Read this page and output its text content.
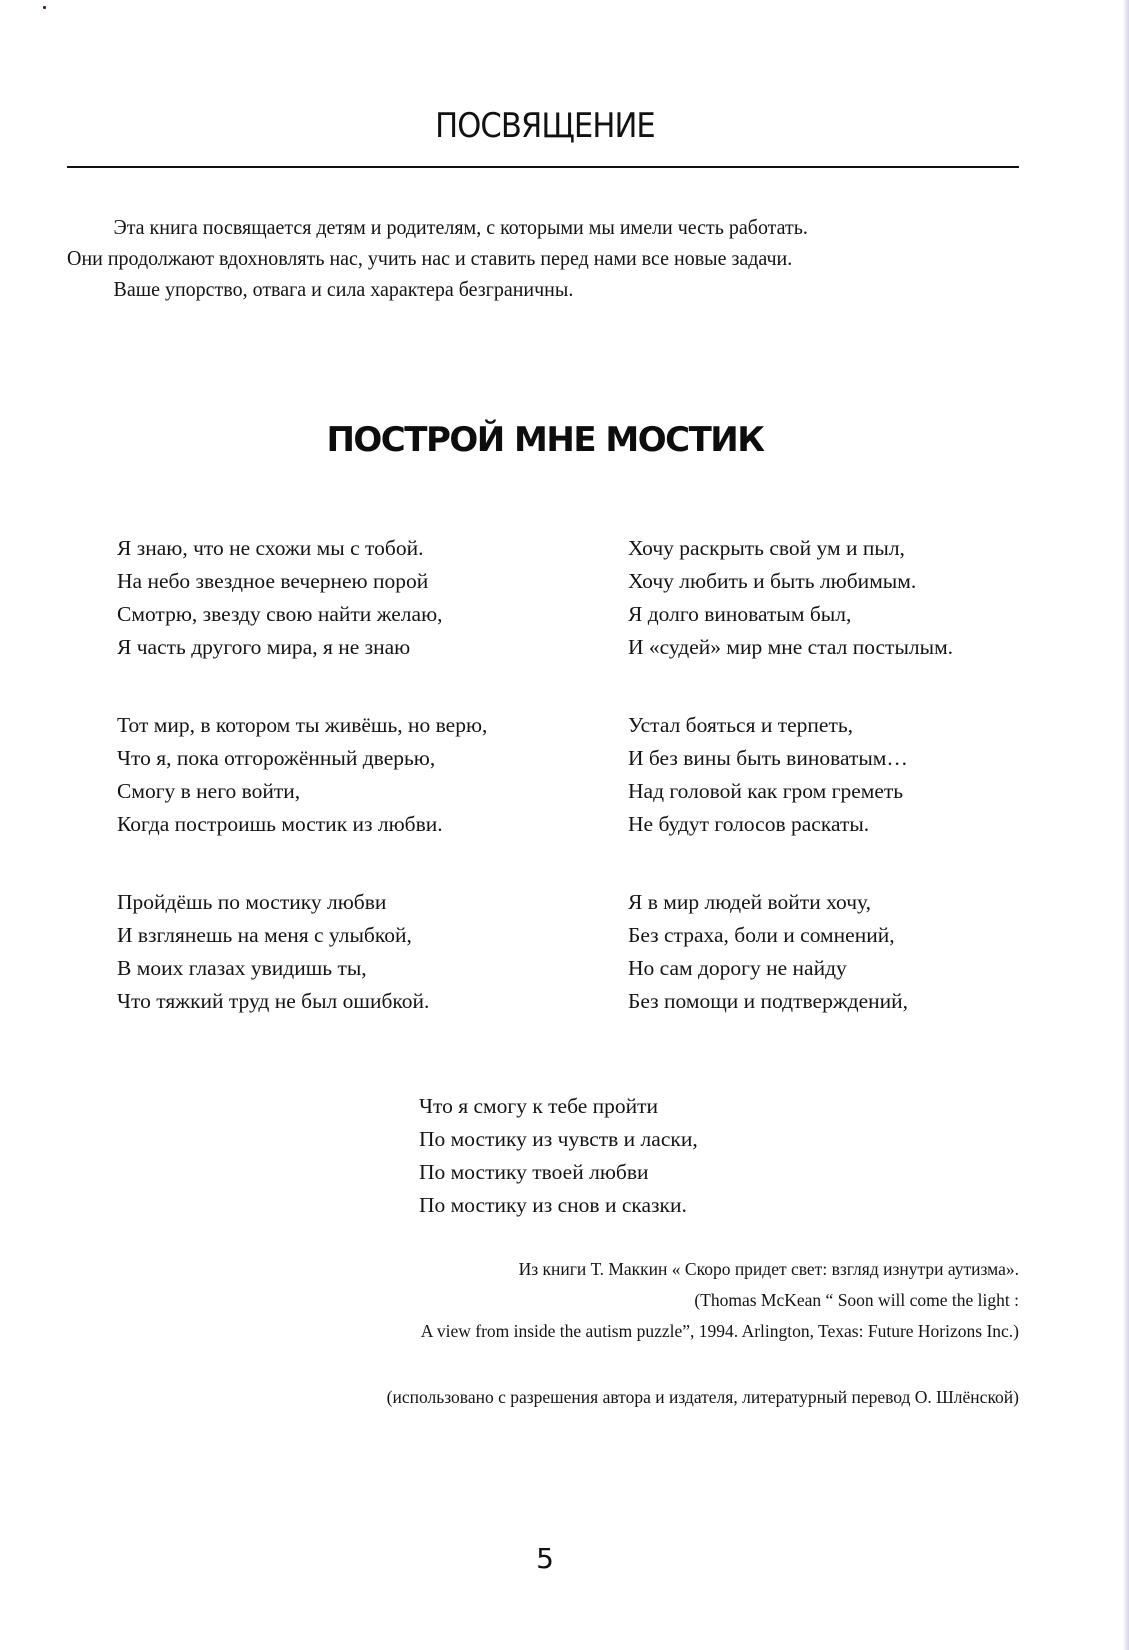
ПОСВЯЩЕНИЕ

Эта книга посвящается детям и родителям, с которыми мы имели честь работать.

Они продолжают вдохновлять нас, учить нас и ставить перед нами все новые задачи.

Ваше упорство, отвага и сила характера безграничны.

ПОСТРОЙ МНЕ МОСТИК
Я знаю, что не схожи мы с тобой.
На небо звездное вечернею порой
Смотрю, звезду свою найти желаю,
Я часть другого мира, я не знаю
Тот мир, в котором ты живёшь, но верю,
Что я, пока отгорожённый дверью,
Смогу в него войти,
Когда построишь мостик из любви.
Пройдёшь по мостику любви
И взглянешь на меня с улыбкой,
В моих глазах увидишь ты,
Что тяжкий труд не был ошибкой.
Хочу раскрыть свой ум и пыл,
Хочу любить и быть любимым.
Я долго виноватым был,
И «судей» мир мне стал постылым.
Устал бояться и терпеть,
И без вины быть виноватым…
Над головой как гром греметь
Не будут голосов раскаты.
Я в мир людей войти хочу,
Без страха, боли и сомнений,
Но сам дорогу не найду
Без помощи и подтверждений,
Что я смогу к тебе пройти
По мостику из чувств и ласки,
По мостику твоей любви
По мостику из снов и сказки.
Из книги Т. Маккин « Скоро придет свет: взгляд изнутри аутизма».
(Thomas McKean “ Soon will come the light :
A view from inside the autism puzzle”, 1994. Arlington, Texas: Future Horizons Inc.)

(использовано с разрешения автора и издателя, литературный перевод О. Шлёнской)

5
